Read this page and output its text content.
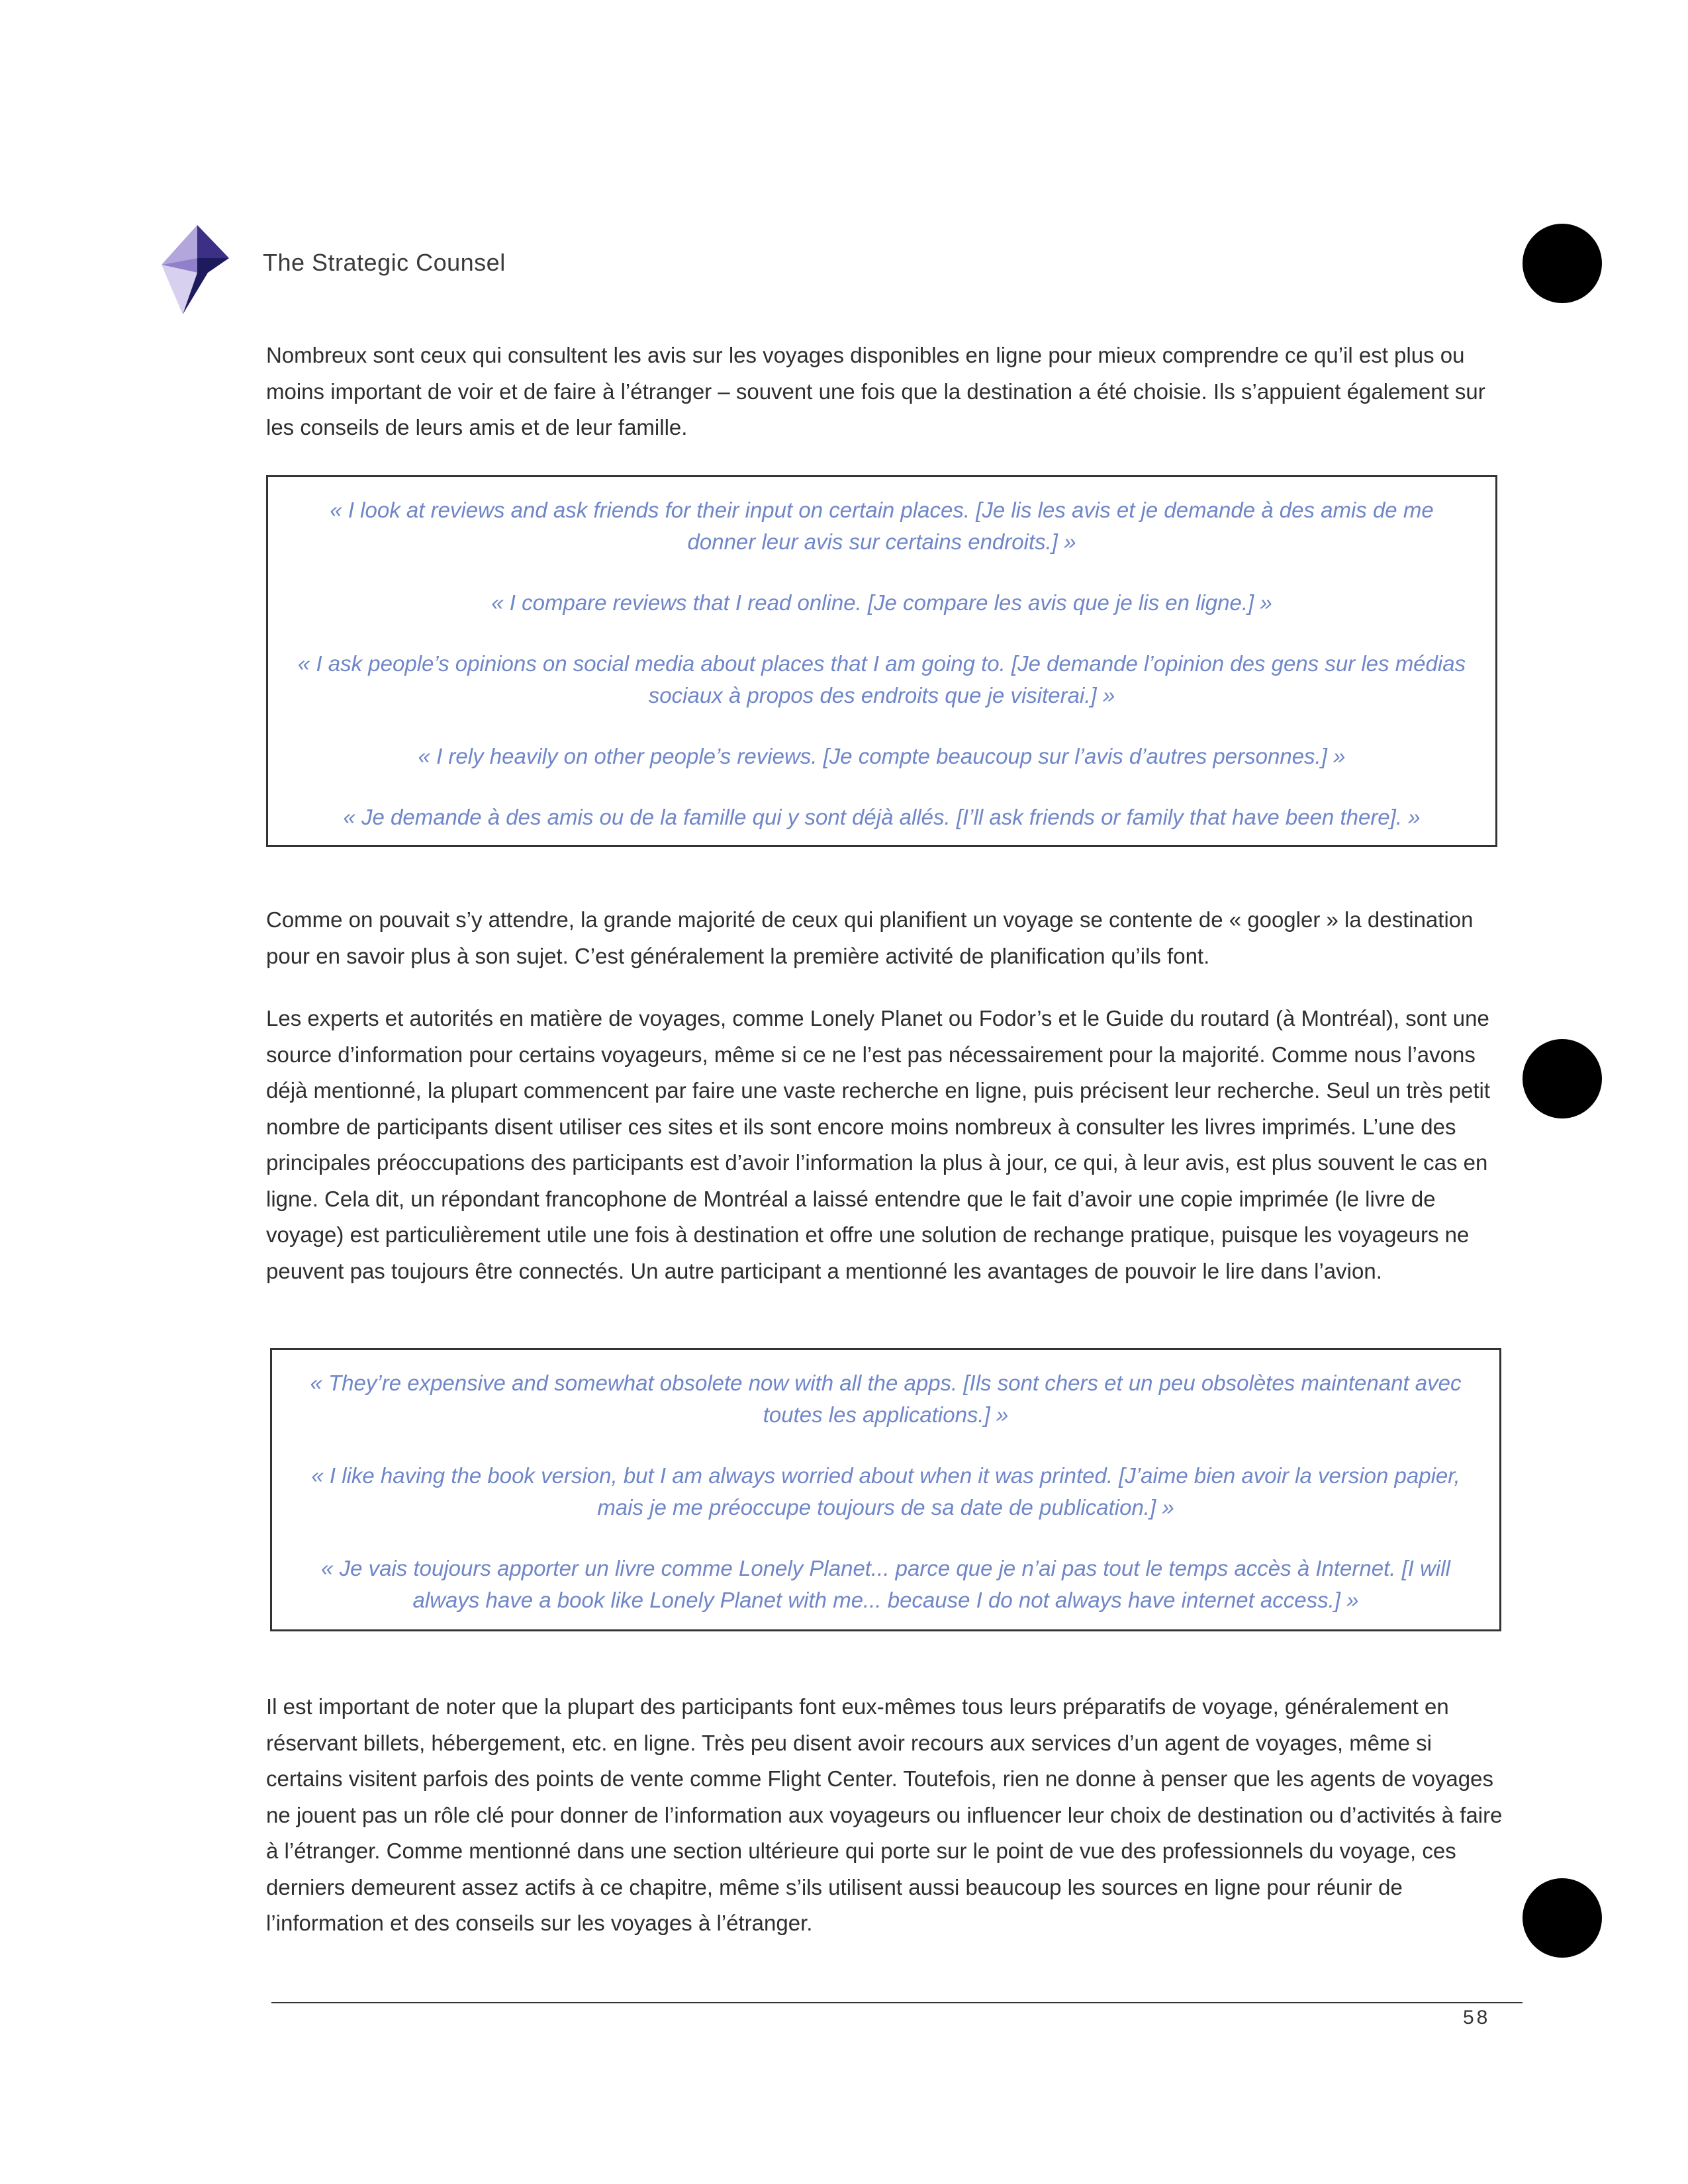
The Strategic Counsel

Nombreux sont ceux qui consultent les avis sur les voyages disponibles en ligne pour mieux comprendre ce qu’il est plus ou moins important de voir et de faire à l’étranger – souvent une fois que la destination a été choisie. Ils s’appuient également sur les conseils de leurs amis et de leur famille.

« I look at reviews and ask friends for their input on certain places. [Je lis les avis et je demande à des amis de me donner leur avis sur certains endroits.] »

« I compare reviews that I read online. [Je compare les avis que je lis en ligne.] »

« I ask people’s opinions on social media about places that I am going to. [Je demande l’opinion des gens sur les médias sociaux à propos des endroits que je visiterai.] »

« I rely heavily on other people’s reviews. [Je compte beaucoup sur l’avis d’autres personnes.] »

« Je demande à des amis ou de la famille qui y sont déjà allés. [I’ll ask friends or family that have been there]. »

Comme on pouvait s’y attendre, la grande majorité de ceux qui planifient un voyage se contente de « googler » la destination pour en savoir plus à son sujet. C’est généralement la première activité de planification qu’ils font.

Les experts et autorités en matière de voyages, comme Lonely Planet ou Fodor’s et le Guide du routard (à Montréal), sont une source d’information pour certains voyageurs, même si ce ne l’est pas nécessairement pour la majorité. Comme nous l’avons déjà mentionné, la plupart commencent par faire une vaste recherche en ligne, puis précisent leur recherche. Seul un très petit nombre de participants disent utiliser ces sites et ils sont encore moins nombreux à consulter les livres imprimés. L’une des principales préoccupations des participants est d’avoir l’information la plus à jour, ce qui, à leur avis, est plus souvent le cas en ligne. Cela dit, un répondant francophone de Montréal a laissé entendre que le fait d’avoir une copie imprimée (le livre de voyage) est particulièrement utile une fois à destination et offre une solution de rechange pratique, puisque les voyageurs ne peuvent pas toujours être connectés. Un autre participant a mentionné les avantages de pouvoir le lire dans l’avion.

« They’re expensive and somewhat obsolete now with all the apps. [Ils sont chers et un peu obsolètes maintenant avec toutes les applications.] »

« I like having the book version, but I am always worried about when it was printed. [J’aime bien avoir la version papier, mais je me préoccupe toujours de sa date de publication.] »

« Je vais toujours apporter un livre comme Lonely Planet... parce que je n’ai pas tout le temps accès à Internet. [I will always have a book like Lonely Planet with me... because I do not always have internet access.] »

Il est important de noter que la plupart des participants font eux-mêmes tous leurs préparatifs de voyage, généralement en réservant billets, hébergement, etc. en ligne. Très peu disent avoir recours aux services d’un agent de voyages, même si certains visitent parfois des points de vente comme Flight Center. Toutefois, rien ne donne à penser que les agents de voyages ne jouent pas un rôle clé pour donner de l’information aux voyageurs ou influencer leur choix de destination ou d’activités à faire à l’étranger. Comme mentionné dans une section ultérieure qui porte sur le point de vue des professionnels du voyage, ces derniers demeurent assez actifs à ce chapitre, même s’ils utilisent aussi beaucoup les sources en ligne pour réunir de l’information et des conseils sur les voyages à l’étranger.

58
